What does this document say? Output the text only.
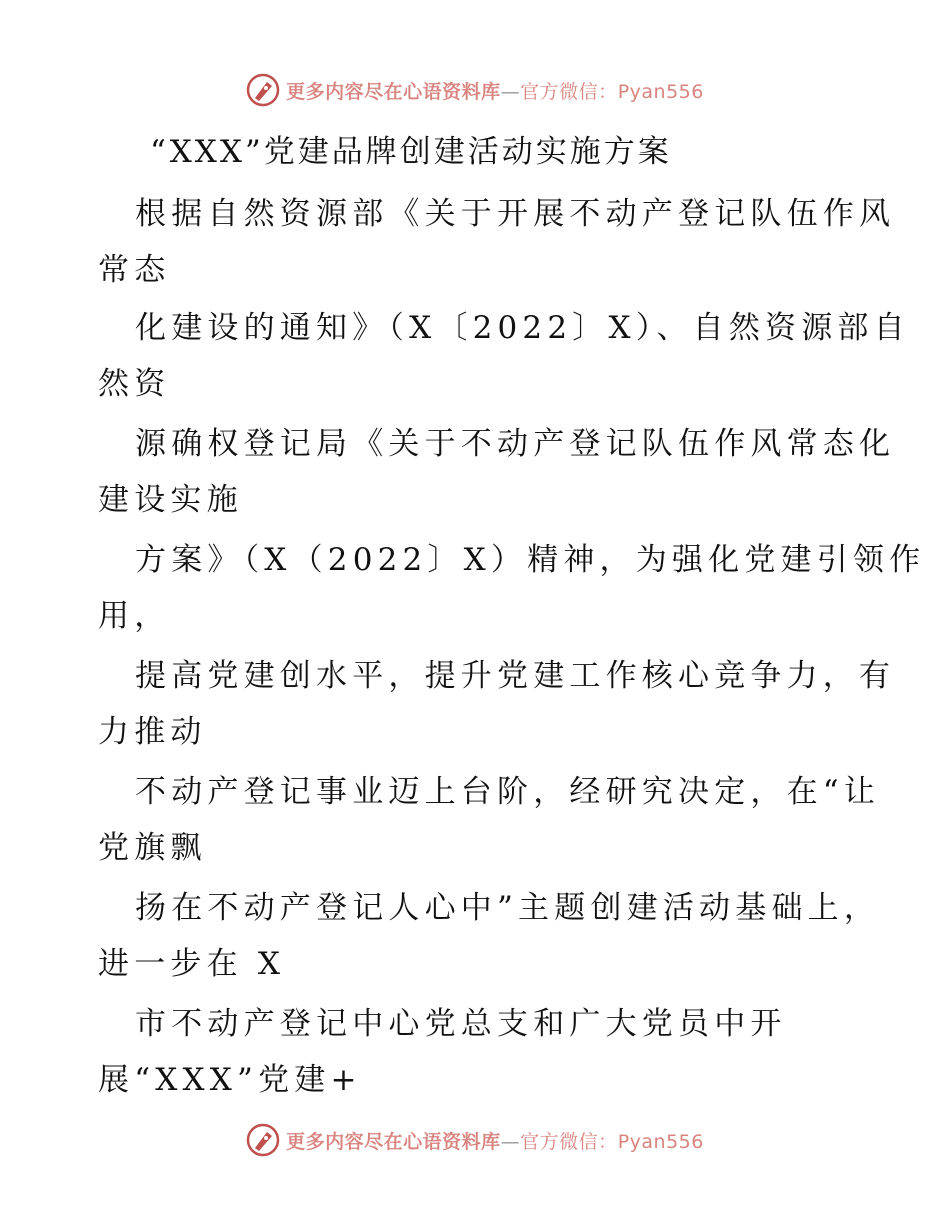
更多内容尽在心语资料库—官方微信：Pyan556
“XXX”党建品牌创建活动实施方案
根据自然资源部《关于开展不动产登记队伍作风
常态
化建设的通知》（X〔2022〕X）、自然资源部自
然资
源确权登记局《关于不动产登记队伍作风常态化
建设实施
方案》（X（2022〕X）精神，为强化党建引领作
用，
提高党建创水平，提升党建工作核心竞争力，有
力推动
不动产登记事业迈上台阶，经研究决定，在“让
党旗飘
扬在不动产登记人心中”主题创建活动基础上，
进一步在 X
市不动产登记中心党总支和广大党员中开
展“XXX”党建+
更多内容尽在心语资料库—官方微信：Pyan556
